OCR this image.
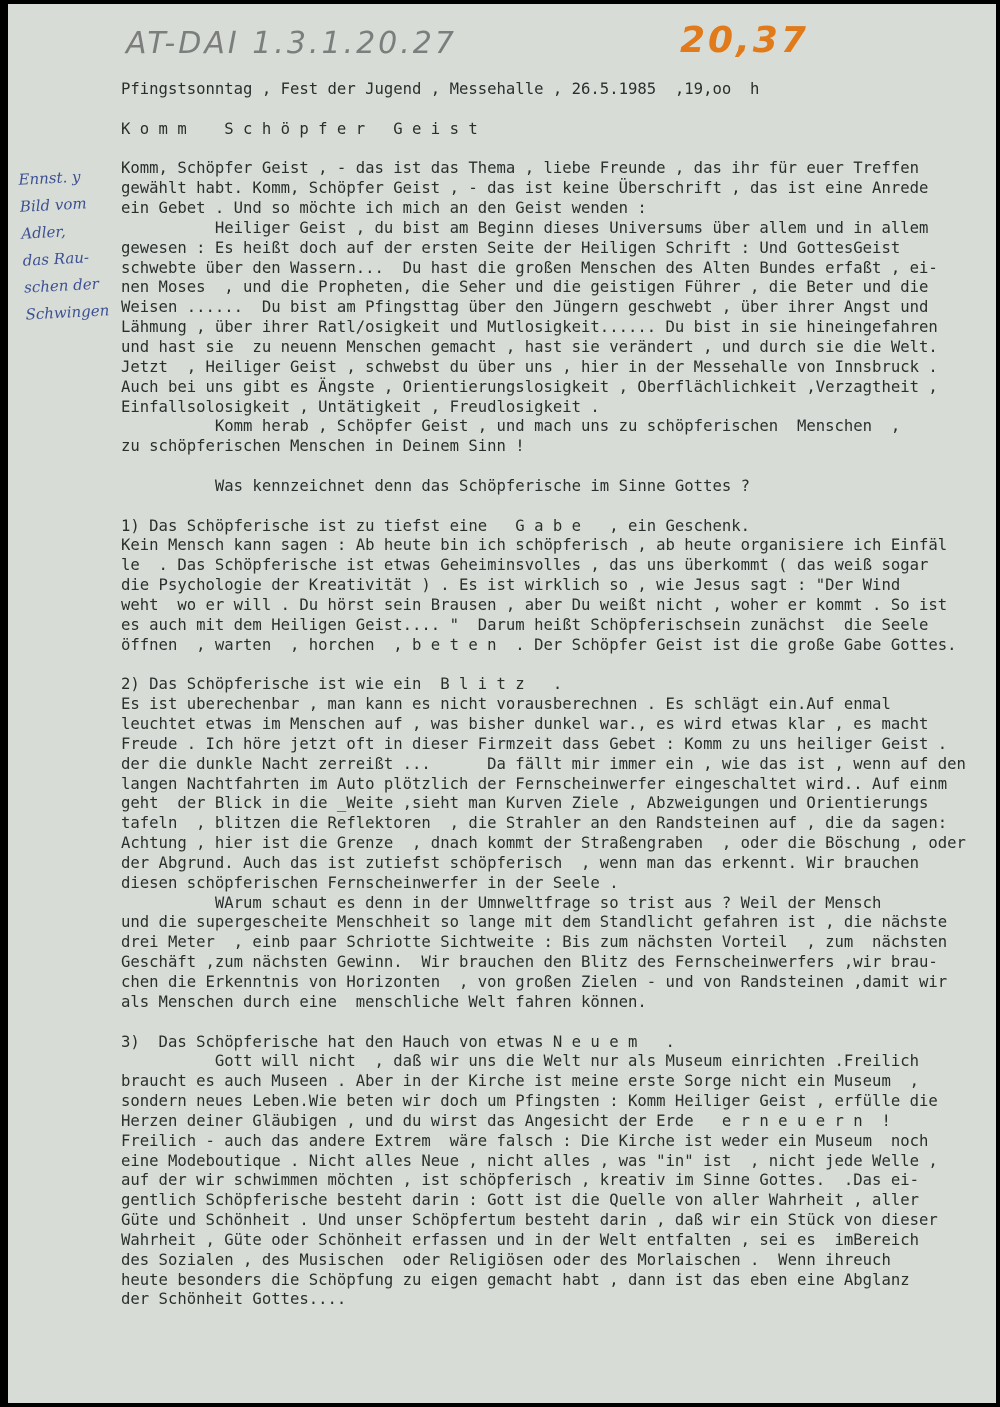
AT-DAI 1.3.1.20.27	20,37
Ennst. y
Bild vom
Adler,
das Rau-
schen der
Schwingen
Pfingstsonntag , Fest der Jugend , Messehalle , 26.5.1985  ,19,oo  h
K o m m    S c h ö p f e r   G e i s t
Komm, Schöpfer Geist , - das ist das Thema , liebe Freunde , das ihr für euer Treffen
gewählt habt. Komm, Schöpfer Geist , - das ist keine Überschrift , das ist eine Anrede
ein Gebet . Und so möchte ich mich an den Geist wenden :
Heiliger Geist , du bist am Beginn dieses Universums über allem und in allem
gewesen : Es heißt doch auf der ersten Seite der Heiligen Schrift : Und GottesGeist
schwebte über den Wassern...  Du hast die großen Menschen des Alten Bundes erfaßt , ei-
nen Moses  , und die Propheten, die Seher und die geistigen Führer , die Beter und die
Weisen ......  Du bist am Pfingsttag über den Jüngern geschwebt , über ihrer Angst und
Lähmung , über ihrer Ratl/osigkeit und Mutlosigkeit...... Du bist in sie hineingefahren
und hast sie  zu neuenn Menschen gemacht , hast sie verändert , und durch sie die Welt.
Jetzt  , Heiliger Geist , schwebst du über uns , hier in der Messehalle von Innsbruck .
Auch bei uns gibt es Ängste , Orientierungslosigkeit , Oberflächlichkeit ,Verzagtheit ,
Einfallsolosigkeit , Untätigkeit , Freudlosigkeit .
Komm herab , Schöpfer Geist , und mach uns zu schöpferischen  Menschen  ,
zu schöpferischen Menschen in Deinem Sinn !
Was kennzeichnet denn das Schöpferische im Sinne Gottes ?
1) Das Schöpferische ist zu tiefst eine   G a b e   , ein Geschenk.
Kein Mensch kann sagen : Ab heute bin ich schöpferisch , ab heute organisiere ich Einfäl
le  . Das Schöpferische ist etwas Geheiminsvolles , das uns überkommt ( das weiß sogar
die Psychologie der Kreativität ) . Es ist wirklich so , wie Jesus sagt : "Der Wind
weht  wo er will . Du hörst sein Brausen , aber Du weißt nicht , woher er kommt . So ist
es auch mit dem Heiligen Geist.... "  Darum heißt Schöpferischsein zunächst  die Seele
öffnen  , warten  , horchen  , b e t e n  . Der Schöpfer Geist ist die große Gabe Gottes.
2) Das Schöpferische ist wie ein  B l i t z   .
Es ist uberechenbar , man kann es nicht vorausberechnen . Es schlägt ein.Auf enmal
leuchtet etwas im Menschen auf , was bisher dunkel war., es wird etwas klar , es macht
Freude . Ich höre jetzt oft in dieser Firmzeit dass Gebet : Komm zu uns heiliger Geist .
der die dunkle Nacht zerreißt ...      Da fällt mir immer ein , wie das ist , wenn auf den
langen Nachtfahrten im Auto plötzlich der Fernscheinwerfer eingeschaltet wird.. Auf einm
geht  der Blick in die _Weite ,sieht man Kurven Ziele , Abzweigungen und Orientierungs
tafeln  , blitzen die Reflektoren  , die Strahler an den Randsteinen auf , die da sagen:
Achtung , hier ist die Grenze  , dnach kommt der Straßengraben  , oder die Böschung , oder
der Abgrund. Auch das ist zutiefst schöpferisch  , wenn man das erkennt. Wir brauchen
diesen schöpferischen Fernscheinwerfer in der Seele .
WArum schaut es denn in der Umnweltfrage so trist aus ? Weil der Mensch
und die supergescheite Menschheit so lange mit dem Standlicht gefahren ist , die nächste
drei Meter  , einb paar Schriotte Sichtweite : Bis zum nächsten Vorteil  , zum  nächsten
Geschäft ,zum nächsten Gewinn.  Wir brauchen den Blitz des Fernscheinwerfers ,wir brau-
chen die Erkenntnis von Horizonten  , von großen Zielen - und von Randsteinen ,damit wir
als Menschen durch eine  menschliche Welt fahren können.
3)  Das Schöpferische hat den Hauch von etwas N e u e m   .
Gott will nicht  , daß wir uns die Welt nur als Museum einrichten .Freilich
braucht es auch Museen . Aber in der Kirche ist meine erste Sorge nicht ein Museum  ,
sondern neues Leben.Wie beten wir doch um Pfingsten : Komm Heiliger Geist , erfülle die
Herzen deiner Gläubigen , und du wirst das Angesicht der Erde   e r n e u e r n  !
Freilich - auch das andere Extrem  wäre falsch : Die Kirche ist weder ein Museum  noch
eine Modeboutique . Nicht alles Neue , nicht alles , was "in" ist  , nicht jede Welle ,
auf der wir schwimmen möchten , ist schöpferisch , kreativ im Sinne Gottes.  .Das ei-
gentlich Schöpferische besteht darin : Gott ist die Quelle von aller Wahrheit , aller
Güte und Schönheit . Und unser Schöpfertum besteht darin , daß wir ein Stück von dieser
Wahrheit , Güte oder Schönheit erfassen und in der Welt entfalten , sei es  imBereich
des Sozialen , des Musischen  oder Religiösen oder des Morlaischen .  Wenn ihreuch
heute besonders die Schöpfung zu eigen gemacht habt , dann ist das eben eine Abglanz
der Schönheit Gottes....
